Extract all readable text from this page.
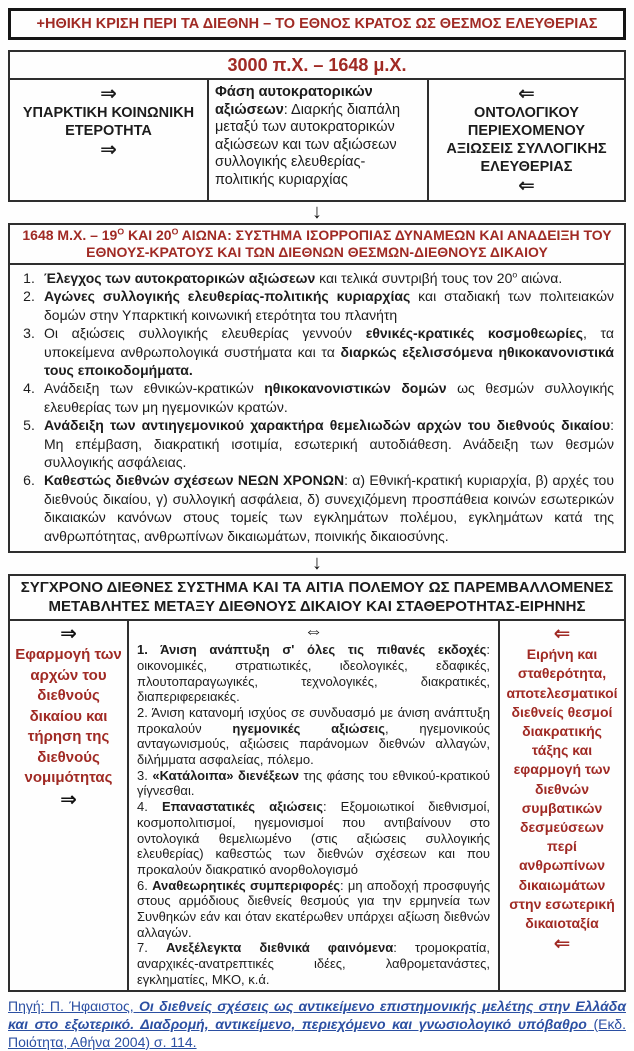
+ΗΘΙΚΗ ΚΡΙΣΗ ΠΕΡΙ ΤΑ ΔΙΕΘΝΗ – ΤΟ ΕΘΝΟΣ ΚΡΑΤΟΣ ΩΣ ΘΕΣΜΟΣ ΕΛΕΥΘΕΡΙΑΣ
3000 π.Χ. – 1648 μ.Χ.
⇒
ΥΠΑΡΚΤΙΚΗ ΚΟΙΝΩΝΙΚΗ ΕΤΕΡΟΤΗΤΑ
⇒
Φάση αυτοκρατορικών αξιώσεων: Διαρκής διαπάλη μεταξύ των αυτοκρατορικών αξιώσεων και των αξιώσεων συλλογικής ελευθερίας-πολιτικής κυριαρχίας
⇐
ΟΝΤΟΛΟΓΙΚΟΥ ΠΕΡΙΕΧΟΜΕΝΟΥ ΑΞΙΩΣΕΙΣ ΣΥΛΛΟΓΙΚΗΣ ΕΛΕΥΘΕΡΙΑΣ
⇐
↓
1648 Μ.Χ. – $19^O$ ΚΑΙ $20^O$ ΑΙΩΝΑ: ΣΥΣΤΗΜΑ ΙΣΟΡΡΟΠΙΑΣ ΔΥΝΑΜΕΩΝ ΚΑΙ ΑΝΑΔΕΙΞΗ ΤΟΥ ΕΘΝΟΥΣ-ΚΡΑΤΟΥΣ ΚΑΙ ΤΩΝ ΔΙΕΘΝΩΝ ΘΕΣΜΩΝ-ΔΙΕΘΝΟΥΣ ΔΙΚΑΙΟΥ
1. Έλεγχος των αυτοκρατορικών αξιώσεων και τελικά συντριβή τους τον $20^o$ αιώνα.
2. Αγώνες συλλογικής ελευθερίας-πολιτικής κυριαρχίας και σταδιακή των πολιτειακών δομών στην Υπαρκτική κοινωνική ετερότητα του πλανήτη
3. Οι αξιώσεις συλλογικής ελευθερίας γεννούν εθνικές-κρατικές κοσμοθεωρίες, τα υποκείμενα ανθρωπολογικά συστήματα και τα διαρκώς εξελισσόμενα ηθικοκανονιστικά τους εποικοδομήματα.
4. Ανάδειξη των εθνικών-κρατικών ηθικοκανονιστικών δομών ως θεσμών συλλογικής ελευθερίας των μη ηγεμονικών κρατών.
5. Ανάδειξη των αντιηγεμονικού χαρακτήρα θεμελιωδών αρχών του διεθνούς δικαίου: Μη επέμβαση, διακρατική ισοτιμία, εσωτερική αυτοδιάθεση. Ανάδειξη των θεσμών συλλογικής ασφάλειας.
6. Καθεστώς διεθνών σχέσεων ΝΕΩΝ ΧΡΟΝΩΝ: α) Εθνική-κρατική κυριαρχία, β) αρχές του διεθνούς δικαίου, γ) συλλογική ασφάλεια, δ) συνεχιζόμενη προσπάθεια κοινών εσωτερικών δικαιακών κανόνων στους τομείς των εγκλημάτων πολέμου, εγκλημάτων κατά της ανθρωπότητας, ανθρωπίνων δικαιωμάτων, ποινικής δικαιοσύνης.
↓
ΣΥΓΧΡΟΝΟ ΔΙΕΘΝΕΣ ΣΥΣΤΗΜΑ ΚΑΙ ΤΑ ΑΙΤΙΑ ΠΟΛΕΜΟΥ ΩΣ ΠΑΡΕΜΒΑΛΛΟΜΕΝΕΣ ΜΕΤΑΒΛΗΤΕΣ ΜΕΤΑΞΥ ΔΙΕΘΝΟΥΣ ΔΙΚΑΙΟΥ ΚΑΙ ΣΤΑΘΕΡΟΤΗΤΑΣ-ΕΙΡΗΝΗΣ
⇒
Εφαρμογή των αρχών του διεθνούς δικαίου και τήρηση της διεθνούς νομιμότητας
⇒
⇔

1. Άνιση ανάπτυξη σ' όλες τις πιθανές εκδοχές: οικονομικές, στρατιωτικές, ιδεολογικές, εδαφικές, πλουτοπαραγωγικές, τεχνολογικές, διακρατικές, διαπεριφερειακές.

2. Άνιση κατανομή ισχύος σε συνδυασμό με άνιση ανάπτυξη προκαλούν ηγεμονικές αξιώσεις, ηγεμονικούς ανταγωνισμούς, αξιώσεις παράνομων διεθνών αλλαγών, διλήμματα ασφαλείας, πόλεμο.

3. «Κατάλοιπα» διενέξεων της φάσης του εθνικού-κρατικού γίγνεσθαι.

4. Επαναστατικές αξιώσεις: Εξομοιωτικοί διεθνισμοί, κοσμοπολιτισμοί, ηγεμονισμοί που αντιβαίνουν στο οντολογικά θεμελιωμένο (στις αξιώσεις συλλογικής ελευθερίας) καθεστώς των διεθνών σχέσεων και που προκαλούν διακρατικό ανορθολογισμό

6. Αναθεωρητικές συμπεριφορές: μη αποδοχή προσφυγής στους αρμόδιους διεθνείς θεσμούς για την ερμηνεία των Συνθηκών εάν και όταν εκατέρωθεν υπάρχει αξίωση διεθνών αλλαγών.

7. Ανεξέλεγκτα διεθνικά φαινόμενα: τρομοκρατία, αναρχικές-ανατρεπτικές ιδέες, λαθρομετανάστες, εγκληματίες, ΜΚΟ, κ.ά.

⇐
Ειρήνη και σταθερότητα, αποτελεσματικοί διεθνείς θεσμοί διακρατικής τάξης και εφαρμογή των διεθνών συμβατικών δεσμεύσεων περί ανθρωπίνων δικαιωμάτων στην εσωτερική δικαιοταξία
⇐
Πηγή: Π. Ήφαιστος, Οι διεθνείς σχέσεις ως αντικείμενο επιστημονικής μελέτης στην Ελλάδα και στο εξωτερικό. Διαδρομή, αντικείμενο, περιεχόμενο και γνωσιολογικό υπόβαθρο (Εκδ. Ποιότητα, Αθήνα 2004) σ. 114.
